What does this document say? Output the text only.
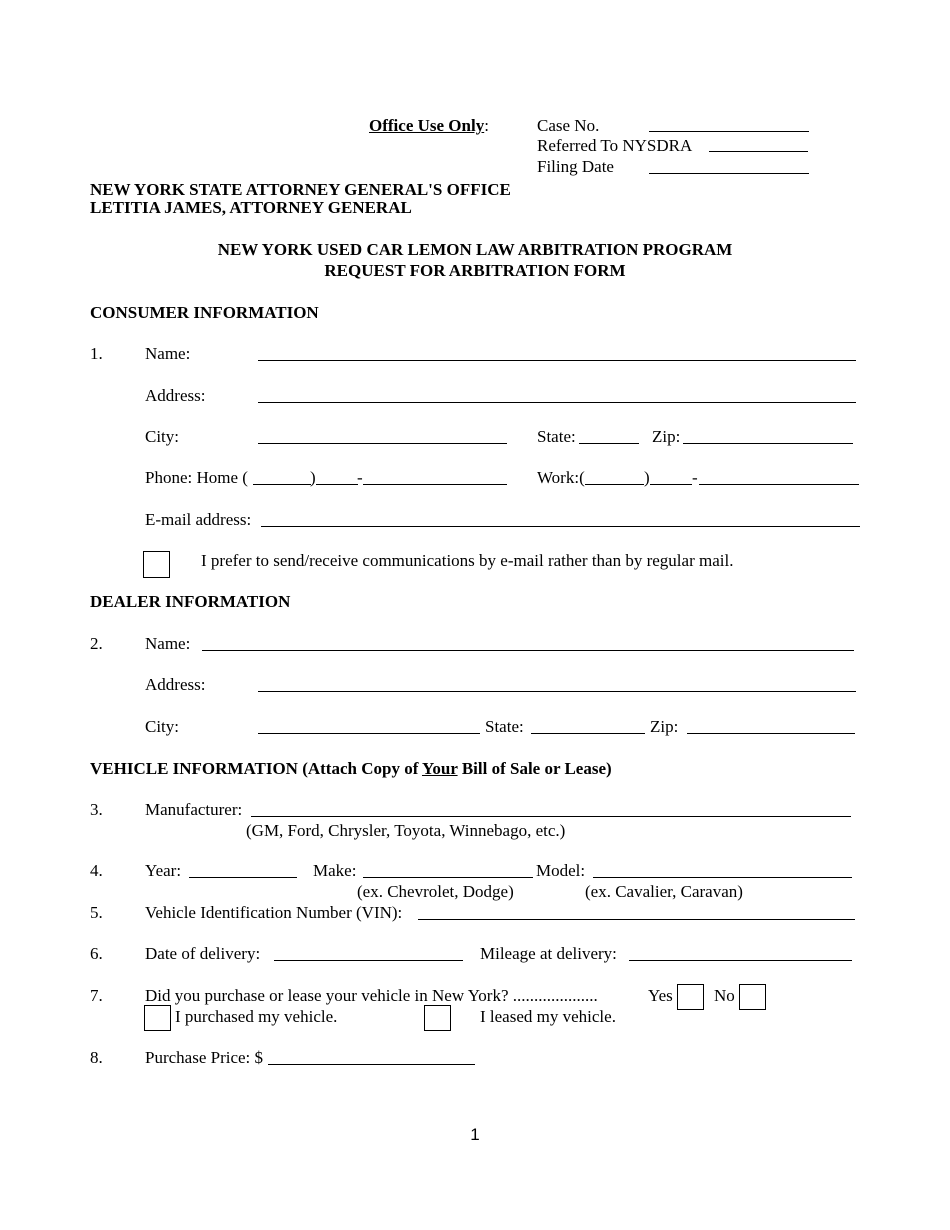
Office Use Only:	Case No.
Referred To NYSDRA
Filing Date
NEW YORK STATE ATTORNEY GENERAL'S OFFICE
LETITIA JAMES, ATTORNEY GENERAL
NEW YORK USED CAR LEMON LAW ARBITRATION PROGRAM
REQUEST FOR ARBITRATION FORM
CONSUMER INFORMATION
1. Name:
Address:
City:	State:	Zip:
Phone: Home (	) -	Work:(	) -
E-mail address:
I prefer to send/receive communications by e-mail rather than by regular mail.
DEALER INFORMATION
2. Name:
Address:
City:	State:	Zip:
VEHICLE INFORMATION (Attach Copy of Your Bill of Sale or Lease)
3. Manufacturer:
(GM, Ford, Chrysler, Toyota, Winnebago, etc.)
4. Year:	Make:	Model:
(ex. Chevrolet, Dodge)	(ex. Cavalier, Caravan)
5. Vehicle Identification Number (VIN):
6. Date of delivery:	Mileage at delivery:
7. Did you purchase or lease your vehicle in New York? ....................	Yes No
I purchased my vehicle.	I leased my vehicle.
8. Purchase Price: $
1
